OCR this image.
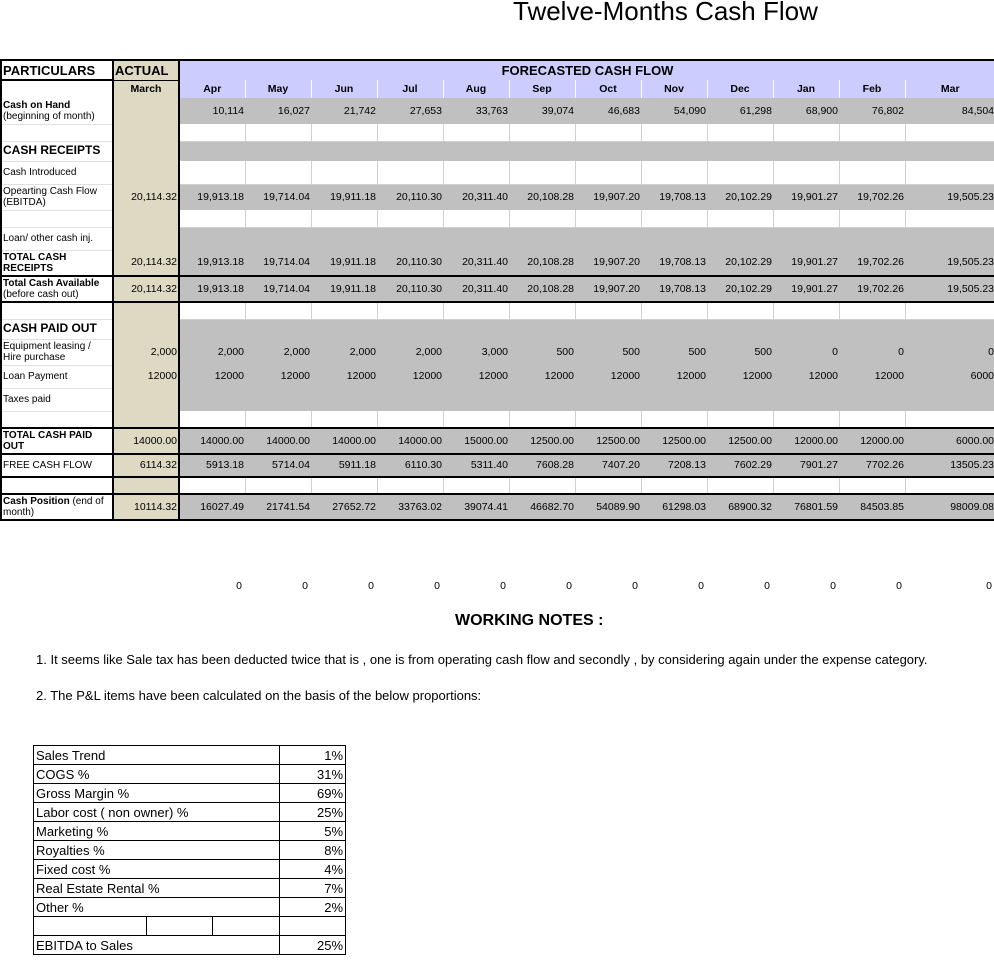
Twelve-Months Cash Flow
PARTICULARS	ACTUAL	FORECASTED CASH FLOW											
	March	Apr	May	Jun	Jul	Aug	Sep	Oct	Nov	Dec	Jan	Feb	Mar
Cash on Hand
(beginning of month)		10,114	16,027	21,742	27,653	33,763	39,074	46,683	54,090	61,298	68,900	76,802	84,504

CASH RECEIPTS													
Cash Introduced													
Opearting Cash Flow
(EBITDA)	20,114.32	19,913.18	19,714.04	19,911.18	20,110.30	20,311.40	20,108.28	19,907.20	19,708.13	20,102.29	19,901.27	19,702.26	19,505.23

Loan/ other cash inj.													
TOTAL CASH
RECEIPTS	20,114.32	19,913.18	19,714.04	19,911.18	20,110.30	20,311.40	20,108.28	19,907.20	19,708.13	20,102.29	19,901.27	19,702.26	19,505.23
Total Cash Available
(before cash out)	20,114.32	19,913.18	19,714.04	19,911.18	20,110.30	20,311.40	20,108.28	19,907.20	19,708.13	20,102.29	19,901.27	19,702.26	19,505.23

CASH PAID OUT													
Equipment leasing /
Hire purchase	2,000	2,000	2,000	2,000	2,000	3,000	500	500	500	500	0	0	0
Loan Payment	12000	12000	12000	12000	12000	12000	12000	12000	12000	12000	12000	12000	6000
Taxes paid													

TOTAL CASH PAID
OUT	14000.00	14000.00	14000.00	14000.00	14000.00	15000.00	12500.00	12500.00	12500.00	12500.00	12000.00	12000.00	6000.00
FREE CASH FLOW	6114.32	5913.18	5714.04	5911.18	6110.30	5311.40	7608.28	7407.20	7208.13	7602.29	7901.27	7702.26	13505.23

Cash Position (end of
month)	10114.32	16027.49	21741.54	27652.72	33763.02	39074.41	46682.70	54089.90	61298.03	68900.32	76801.59	84503.85	98009.08
0	0	0	0	0	0	0	0	0	0	0	0
WORKING NOTES :
1. It seems like Sale tax has been deducted twice that is , one is from operating cash flow and secondly , by considering again under the expense category.
2. The P&L items have been calculated on the basis of the below proportions:
Sales Trend			1%
COGS %			31%
Gross Margin %			69%
Labor cost ( non owner) %			25%
Marketing %			5%
Royalties %			8%
Fixed cost %			4%
Real Estate Rental %			7%
Other %			2%

EBITDA to Sales			25%
